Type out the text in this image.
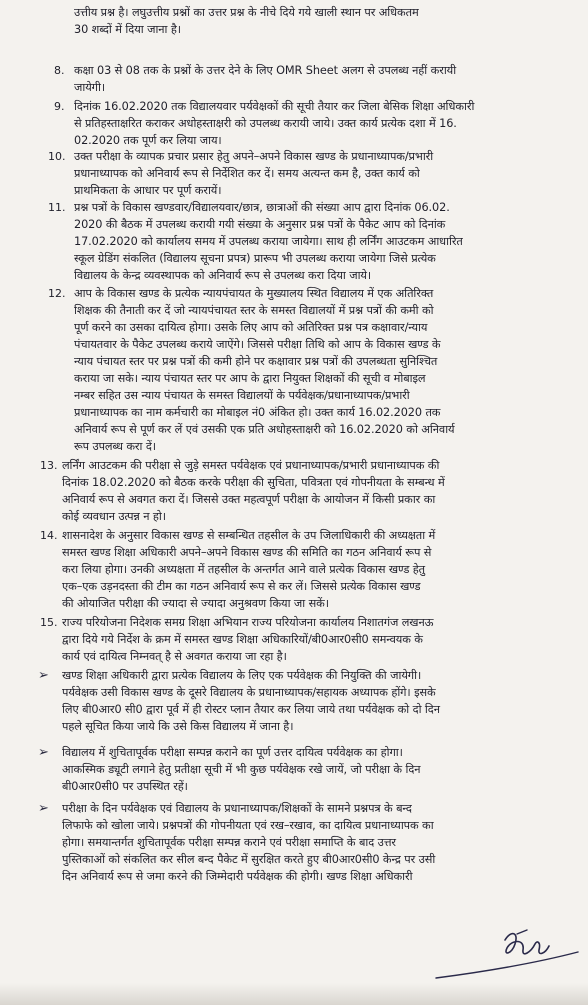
उत्तीय प्रश्न है। लघुउत्तीय प्रश्नों का उत्तर प्रश्न के नीचे दिये गये खाली स्थान पर अधिकतम
30 शब्दों में दिया जाना है।
8. कक्षा 03 से 08 तक के प्रश्नों के उत्तर देने के लिए OMR Sheet अलग से उपलब्ध नहीं करायी
जायेगी।
9. दिनांक 16.02.2020 तक विद्यालयवार पर्यवेक्षकों की सूची तैयार कर जिला बेसिक शिक्षा अधिकारी
से प्रतिहस्ताक्षरित कराकर अधोहस्ताक्षरी को उपलब्ध करायी जाये। उक्त कार्य प्रत्येक दशा में 16.
02.2020 तक पूर्ण कर लिया जाय।
10. उक्त परीक्षा के व्यापक प्रचार प्रसार हेतु अपने–अपने विकास खण्ड के प्रधानाध्यापक/प्रभारी
प्रधानाध्यापक को अनिवार्य रूप से निर्देशित कर दें। समय अत्यन्त कम है, उक्त कार्य को
प्राथमिकता के आधार पर पूर्ण करायें।
11. प्रश्न पत्रों के विकास खण्डवार/विद्यालयवार/छात्र, छात्राओं की संख्या आप द्वारा दिनांक 06.02.
2020 की बैठक में उपलब्ध करायी गयी संख्या के अनुसार प्रश्न पत्रों के पैकेट आप को दिनांक
17.02.2020 को कार्यालय समय में उपलब्ध कराया जायेगा। साथ ही लर्निंग आउटकम आधारित
स्कूल ग्रेडिंग संकलित (विद्यालय सूचना प्रपत्र) प्रारूप भी उपलब्ध कराया जायेगा जिसे प्रत्येक
विद्यालय के केन्द्र व्यवस्थापक को अनिवार्य रूप से उपलब्ध करा दिया जाये।
12. आप के विकास खण्ड के प्रत्येक न्यायपंचायत के मुख्यालय स्थित विद्यालय में एक अतिरिक्त
शिक्षक की तैनाती कर दें जो न्यायपंचायत स्तर के समस्त विद्यालयों में प्रश्न पत्रों की कमी को
पूर्ण करने का उसका दायित्व होगा। उसके लिए आप को अतिरिक्त प्रश्न पत्र कक्षावार/न्याय
पंचायतवार के पैकेट उपलब्ध कराये जाऐंगे। जिससे परीक्षा तिथि को आप के विकास खण्ड के
न्याय पंचायत स्तर पर प्रश्न पत्रों की कमी होने पर कक्षावार प्रश्न पत्रों की उपलब्धता सुनिश्चित
कराया जा सके। न्याय पंचायत स्तर पर आप के द्वारा नियुक्त शिक्षकों की सूची व मोबाइल
नम्बर सहित उस न्याय पंचायत के समस्त विद्यालयों के पर्यवेक्षक/प्रधानाध्यापक/प्रभारी
प्रधानाध्यापक का नाम कर्मचारी का मोबाइल नं0 अंकित हो। उक्त कार्य 16.02.2020 तक
अनिवार्य रूप से पूर्ण कर लें एवं उसकी एक प्रति अधोहस्ताक्षरी को 16.02.2020 को अनिवार्य
रूप उपलब्ध करा दें।
13. लर्निंग आउटकम की परीक्षा से जुड़े समस्त पर्यवेक्षक एवं प्रधानाध्यापक/प्रभारी प्रधानाध्यापक की
दिनांक 18.02.2020 को बैठक करके परीक्षा की सुचिता, पवित्रता एवं गोपनीयता के सम्बन्ध में
अनिवार्य रूप से अवगत करा दें। जिससे उक्त महत्वपूर्ण परीक्षा के आयोजन में किसी प्रकार का
कोई व्यवधान उत्पन्न न हो।
14. शासनादेश के अनुसार विकास खण्ड से सम्बन्धित तहसील के उप जिलाधिकारी की अध्यक्षता में
समस्त खण्ड शिक्षा अधिकारी अपने–अपने विकास खण्ड की समिति का गठन अनिवार्य रूप से
करा लिया होगा। उनकी अध्यक्षता में तहसील के अन्तर्गत आने वाले प्रत्येक विकास खण्ड हेतु
एक–एक उड़नदस्ता की टीम का गठन अनिवार्य रूप से कर लें। जिससे प्रत्येक विकास खण्ड
की ओयाजित परीक्षा की ज्यादा से ज्यादा अनुश्रवण किया जा सकें।
15. राज्य परियोजना निदेशक समग्र शिक्षा अभियान राज्य परियोजना कार्यालय निशातगंज लखनऊ
द्वारा दिये गये निर्देश के क्रम में समस्त खण्ड शिक्षा अधिकारियों/बी0आर0सी0 समन्वयक के
कार्य एवं दायित्व निम्नवत् है से अवगत कराया जा रहा है।
➢ खण्ड शिक्षा अधिकारी द्वारा प्रत्येक विद्यालय के लिए एक पर्यवेक्षक की नियुक्ति की जायेगी।
पर्यवेक्षक उसी विकास खण्ड के दूसरे विद्यालय के प्रधानाध्यापक/सहायक अध्यापक होंगे। इसके
लिए बी0आर0 सी0 द्वारा पूर्व में ही रोस्टर प्लान तैयार कर लिया जाये तथा पर्यवेक्षक को दो दिन
पहले सूचित किया जाये कि उसे किस विद्यालय में जाना है।
➢ विद्यालय में शुचितापूर्वक परीक्षा सम्पन्न कराने का पूर्ण उत्तर दायित्व पर्यवेक्षक का होगा।
आकस्मिक ड्यूटी लगाने हेतु प्रतीक्षा सूची में भी कुछ पर्यवेक्षक रखे जायें, जो परीक्षा के दिन
बी0आर0सी0 पर उपस्थित रहें।
➢ परीक्षा के दिन पर्यवेक्षक एवं विद्यालय के प्रधानाध्यापक/शिक्षकों के सामने प्रश्नपत्र के बन्द
लिफाफे को खोला जाये। प्रश्नपत्रों की गोपनीयता एवं रख–रखाव, का दायित्व प्रधानाध्यापक का
होगा। समयान्तर्गत शुचितापूर्वक परीक्षा सम्पन्न कराने एवं परीक्षा समाप्ति के बाद उत्तर
पुस्तिकाओं को संकलित कर सील बन्द पैकेट में सुरक्षित करते हुए बी0आर0सी0 केन्द्र पर उसी
दिन अनिवार्य रूप से जमा करने की जिम्मेदारी पर्यवेक्षक की होगी। खण्ड शिक्षा अधिकारी
